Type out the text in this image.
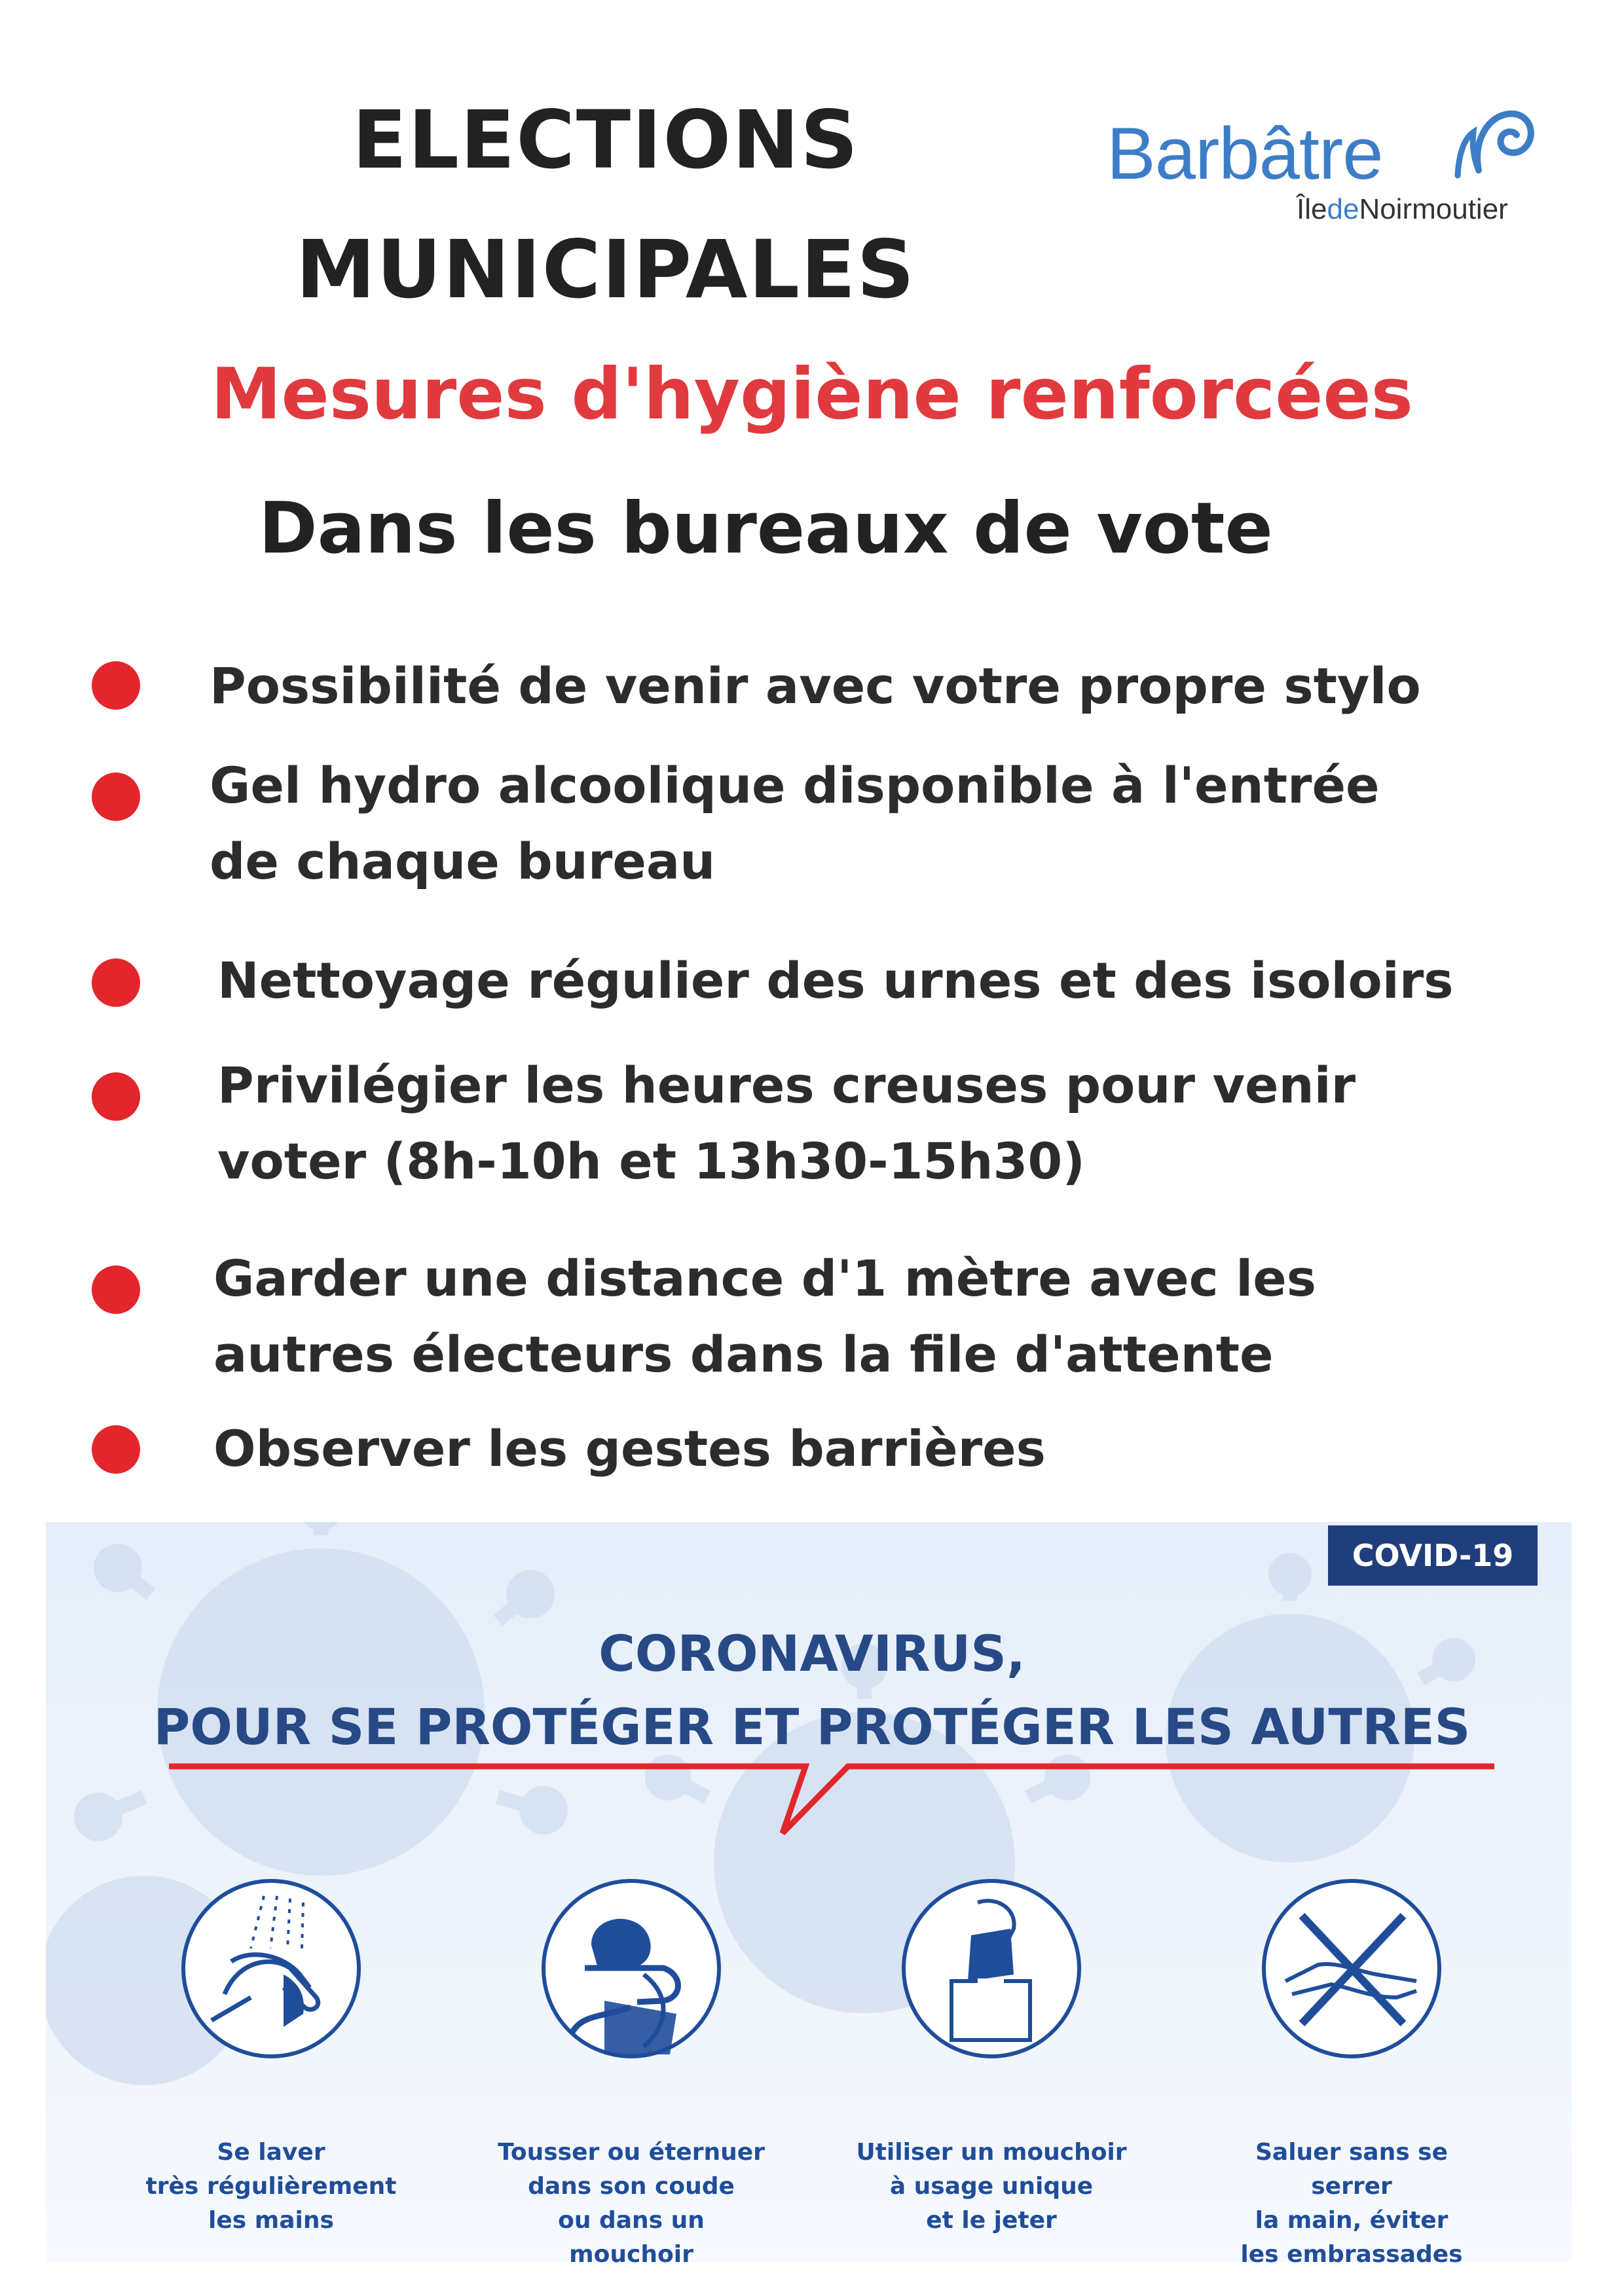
ELECTIONS
MUNICIPALES
Barbâtre
ÎledeNoirmoutier
Mesures d'hygiène renforcées
Dans les bureaux de vote
Possibilité de venir avec votre propre stylo
Gel hydro alcoolique disponible à l'entrée
de chaque bureau
Nettoyage régulier des urnes et des isoloirs
Privilégier les heures creuses pour venir
voter (8h-10h et 13h30-15h30)
Garder une distance d'1 mètre avec les
autres électeurs dans la file d'attente
Observer les gestes barrières
COVID-19
CORONAVIRUS,
POUR SE PROTÉGER ET PROTÉGER LES AUTRES
Se laver
très régulièrement
les mains
Tousser ou éternuer
dans son coude
ou dans un mouchoir
Utiliser un mouchoir
à usage unique
et le jeter
Saluer sans se serrer
la main, éviter
les embrassades
